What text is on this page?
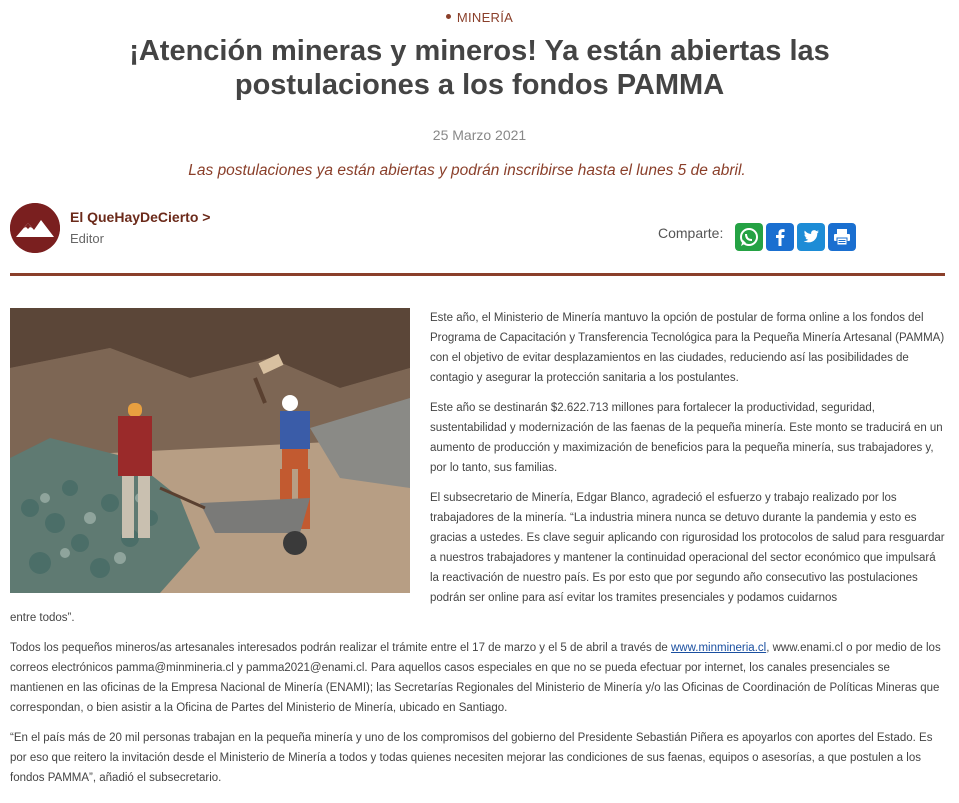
MINERÍA
¡Atención mineras y mineros! Ya están abiertas las postulaciones a los fondos PAMMA
25 Marzo 2021
Las postulaciones ya están abiertas y podrán inscribirse hasta el lunes 5 de abril.
El QueHayDeCierto >
Editor	Comparte:

Este año, el Ministerio de Minería mantuvo la opción de postular de forma online a los fondos del Programa de Capacitación y Transferencia Tecnológica para la Pequeña Minería Artesanal (PAMMA) con el objetivo de evitar desplazamientos en las ciudades, reduciendo así las posibilidades de contagio y asegurar la protección sanitaria a los postulantes.

Este año se destinarán $2.622.713 millones para fortalecer la productividad, seguridad, sustentabilidad y modernización de las faenas de la pequeña minería. Este monto se traducirá en un aumento de producción y maximización de beneficios para la pequeña minería, sus trabajadores y, por lo tanto, sus familias.

El subsecretario de Minería, Edgar Blanco, agradeció el esfuerzo y trabajo realizado por los trabajadores de la minería. “La industria minera nunca se detuvo durante la pandemia y esto es gracias a ustedes. Es clave seguir aplicando con rigurosidad los protocolos de salud para resguardar a nuestros trabajadores y mantener la continuidad operacional del sector económico que impulsará la reactivación de nuestro país. Es por esto que por segundo año consecutivo las postulaciones podrán ser online para así evitar los tramites presenciales y podamos cuidarnos

entre todos”.

Todos los pequeños mineros/as artesanales interesados podrán realizar el trámite entre el 17 de marzo y el 5 de abril a través de www.minmineria.cl, www.enami.cl o por medio de los correos electrónicos pamma@minmineria.cl y pamma2021@enami.cl. Para aquellos casos especiales en que no se pueda efectuar por internet, los canales presenciales se mantienen en las oficinas de la Empresa Nacional de Minería (ENAMI); las Secretarías Regionales del Ministerio de Minería y/o las Oficinas de Coordinación de Políticas Mineras que correspondan, o bien asistir a la Oficina de Partes del Ministerio de Minería, ubicado en Santiago.

“En el país más de 20 mil personas trabajan en la pequeña minería y uno de los compromisos del gobierno del Presidente Sebastián Piñera es apoyarlos con aportes del Estado. Es por eso que reitero la invitación desde el Ministerio de Minería a todos y todas quienes necesiten mejorar las condiciones de sus faenas, equipos o asesorías, a que postulen a los fondos PAMMA”, añadió el subsecretario.
